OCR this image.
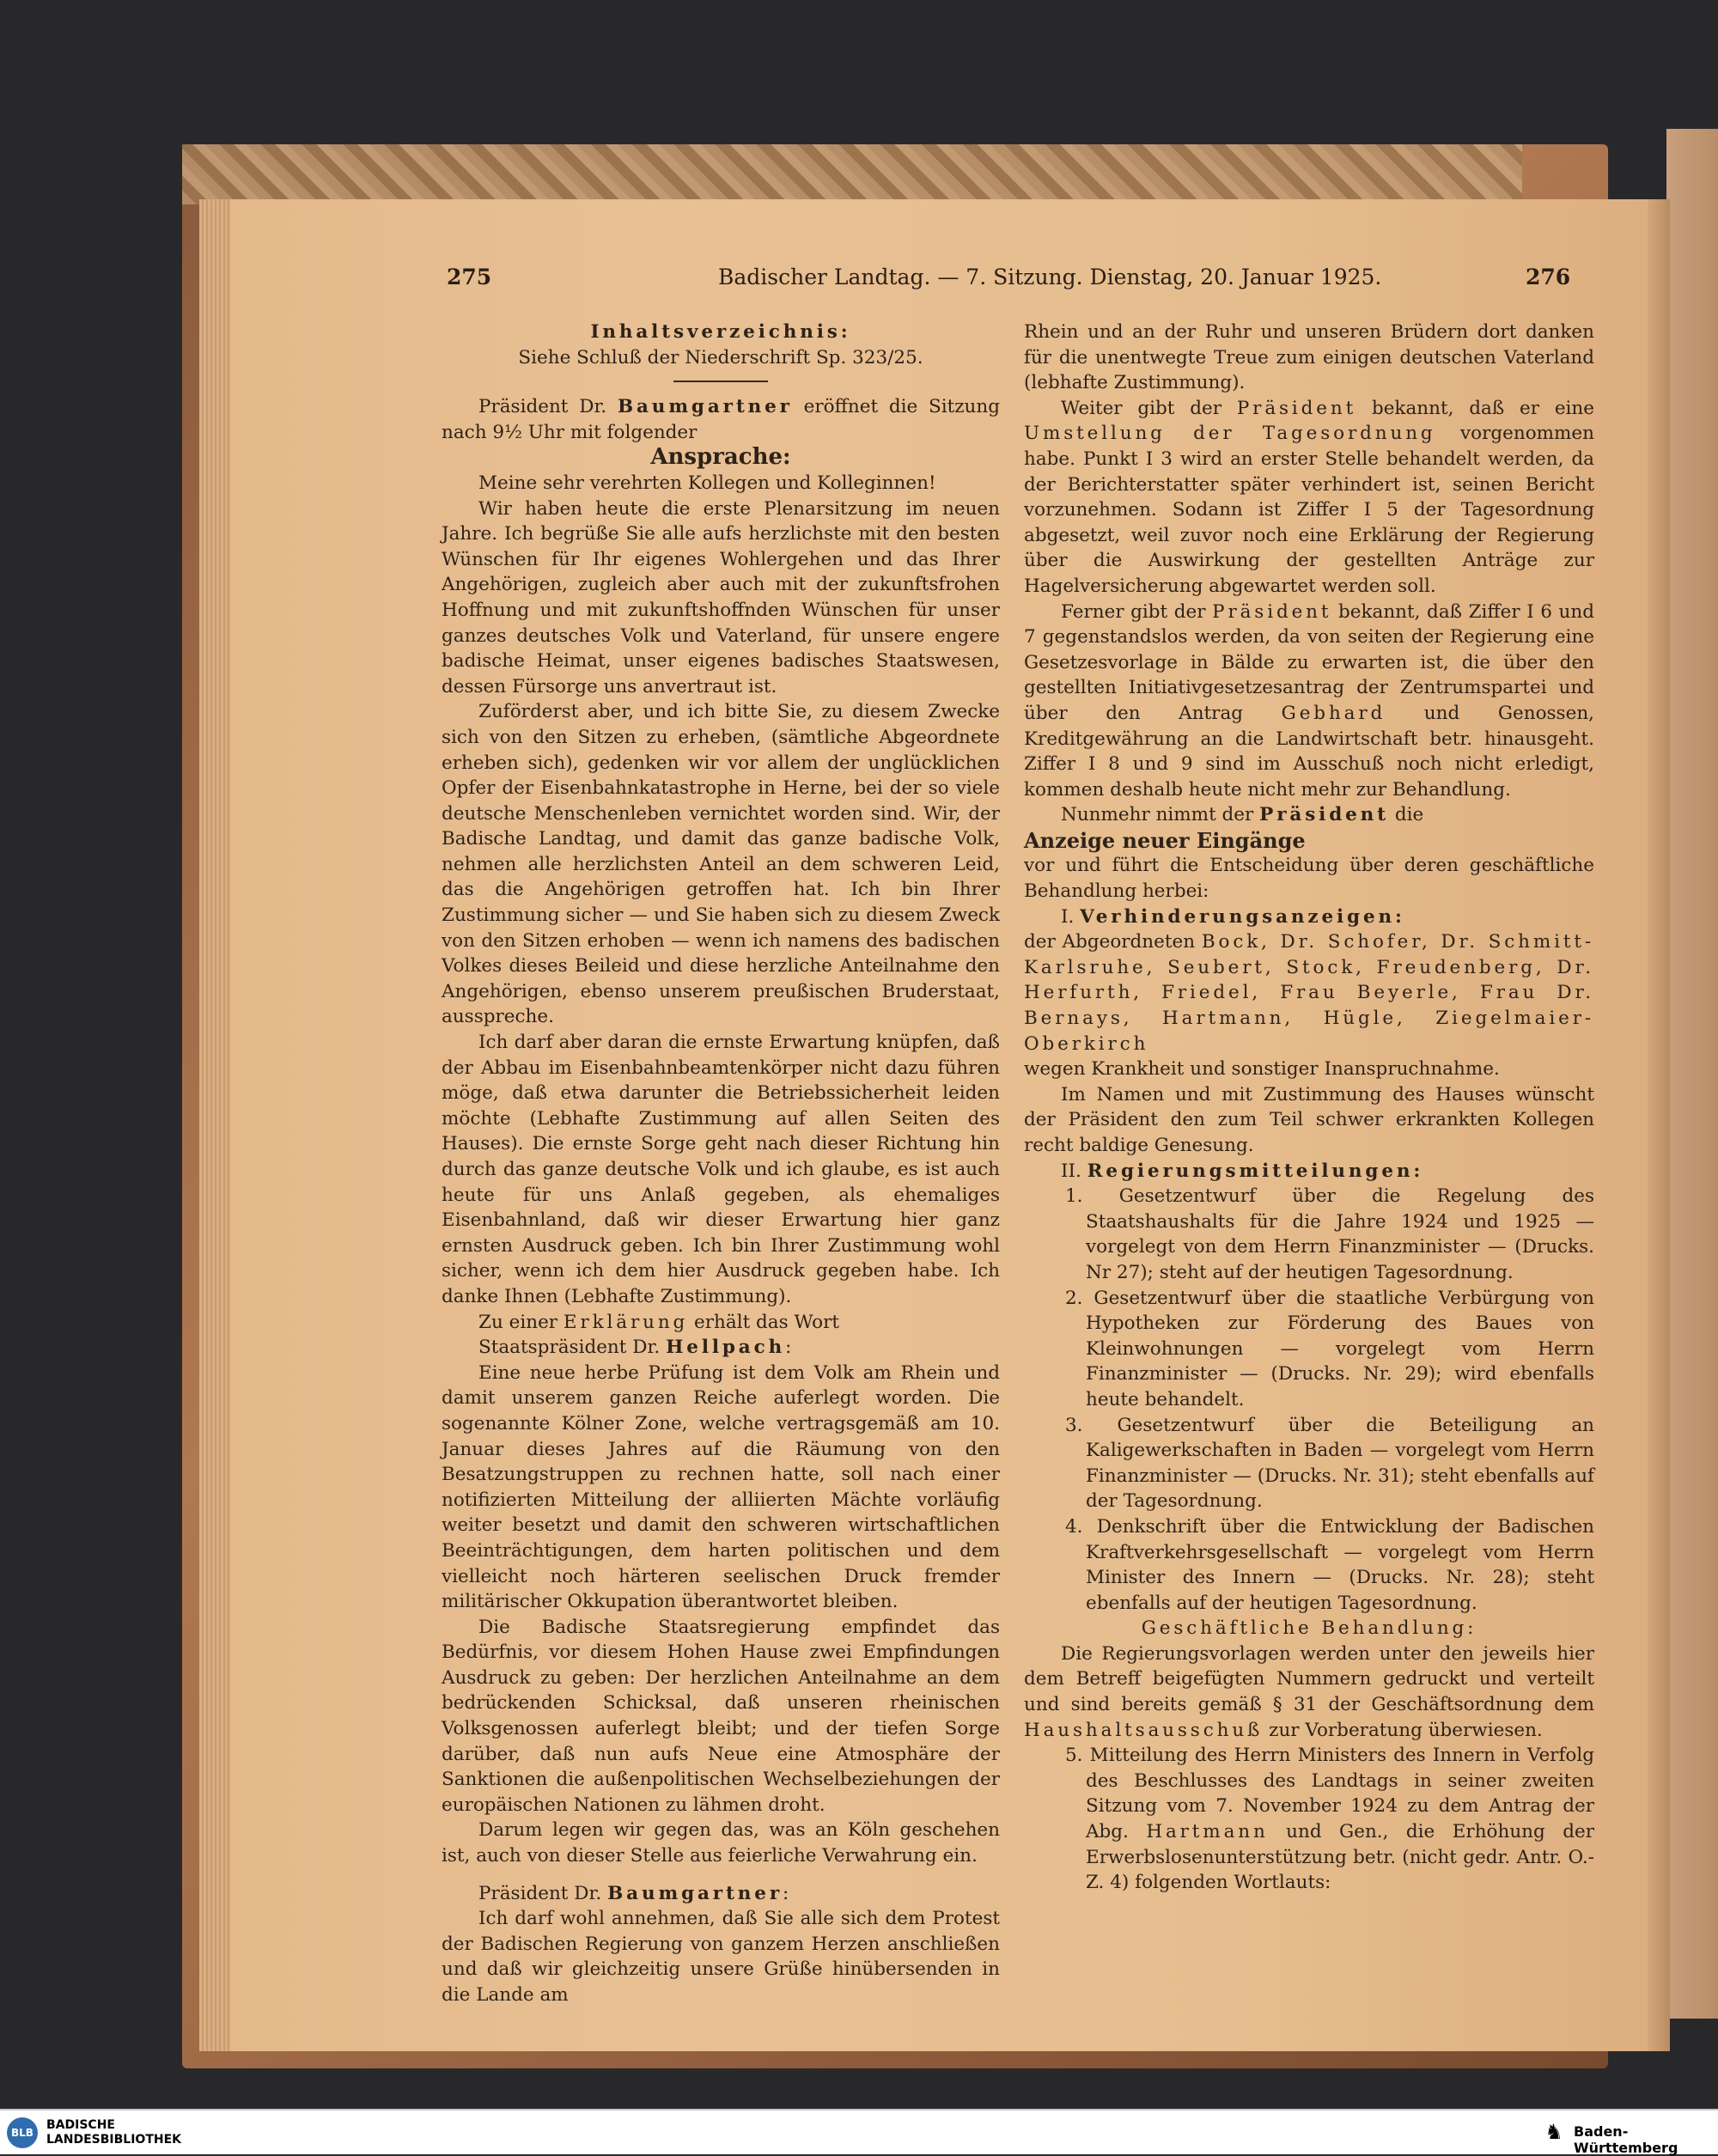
275	Badischer Landtag. — 7. Sitzung. Dienstag, 20. Januar 1925.	276

Inhaltsverzeichnis:

Siehe Schluß der Niederschrift Sp. 323/25.

Präsident Dr. Baumgartner eröffnet die Sitzung nach 9½ Uhr mit folgender

Ansprache:

Meine sehr verehrten Kollegen und Kolleginnen!

Wir haben heute die erste Plenarsitzung im neuen Jahre. Ich begrüße Sie alle aufs herzlichste mit den besten Wünschen für Ihr eigenes Wohlergehen und das Ihrer Angehörigen, zugleich aber auch mit der zukunftsfrohen Hoffnung und mit zukunftshoffnden Wünschen für unser ganzes deutsches Volk und Vaterland, für unsere engere badische Heimat, unser eigenes badisches Staatswesen, dessen Fürsorge uns anvertraut ist.

Zuförderst aber, und ich bitte Sie, zu diesem Zwecke sich von den Sitzen zu erheben, (sämtliche Abgeordnete erheben sich), gedenken wir vor allem der unglücklichen Opfer der Eisenbahnkatastrophe in Herne, bei der so viele deutsche Menschenleben vernichtet worden sind. Wir, der Badische Landtag, und damit das ganze badische Volk, nehmen alle herzlichsten Anteil an dem schweren Leid, das die Angehörigen getroffen hat. Ich bin Ihrer Zustimmung sicher — und Sie haben sich zu diesem Zweck von den Sitzen erhoben — wenn ich namens des badischen Volkes dieses Beileid und diese herzliche Anteilnahme den Angehörigen, ebenso unserem preußischen Bruderstaat, ausspreche.

Ich darf aber daran die ernste Erwartung knüpfen, daß der Abbau im Eisenbahnbeamtenkörper nicht dazu führen möge, daß etwa darunter die Betriebssicherheit leiden möchte (Lebhafte Zustimmung auf allen Seiten des Hauses). Die ernste Sorge geht nach dieser Richtung hin durch das ganze deutsche Volk und ich glaube, es ist auch heute für uns Anlaß gegeben, als ehemaliges Eisenbahnland, daß wir dieser Erwartung hier ganz ernsten Ausdruck geben. Ich bin Ihrer Zustimmung wohl sicher, wenn ich dem hier Ausdruck gegeben habe. Ich danke Ihnen (Lebhafte Zustimmung).

Zu einer Erklärung erhält das Wort

Staatspräsident Dr. Hellpach:

Eine neue herbe Prüfung ist dem Volk am Rhein und damit unserem ganzen Reiche auferlegt worden. Die sogenannte Kölner Zone, welche vertragsgemäß am 10. Januar dieses Jahres auf die Räumung von den Besatzungstruppen zu rechnen hatte, soll nach einer notifizierten Mitteilung der alliierten Mächte vorläufig weiter besetzt und damit den schweren wirtschaftlichen Beeinträchtigungen, dem harten politischen und dem vielleicht noch härteren seelischen Druck fremder militärischer Okkupation überantwortet bleiben.

Die Badische Staatsregierung empfindet das Bedürfnis, vor diesem Hohen Hause zwei Empfindungen Ausdruck zu geben: Der herzlichen Anteilnahme an dem bedrückenden Schicksal, daß unseren rheinischen Volksgenossen auferlegt bleibt; und der tiefen Sorge darüber, daß nun aufs Neue eine Atmosphäre der Sanktionen die außenpolitischen Wechselbeziehungen der europäischen Nationen zu lähmen droht.

Darum legen wir gegen das, was an Köln geschehen ist, auch von dieser Stelle aus feierliche Verwahrung ein.

Präsident Dr. Baumgartner:

Ich darf wohl annehmen, daß Sie alle sich dem Protest der Badischen Regierung von ganzem Herzen anschließen und daß wir gleichzeitig unsere Grüße hinübersenden in die Lande am

Rhein und an der Ruhr und unseren Brüdern dort danken für die unentwegte Treue zum einigen deutschen Vaterland (lebhafte Zustimmung).

Weiter gibt der Präsident bekannt, daß er eine Umstellung der Tagesordnung vorgenommen habe. Punkt I 3 wird an erster Stelle behandelt werden, da der Berichterstatter später verhindert ist, seinen Bericht vorzunehmen. Sodann ist Ziffer I 5 der Tagesordnung abgesetzt, weil zuvor noch eine Erklärung der Regierung über die Auswirkung der gestellten Anträge zur Hagelversicherung abgewartet werden soll.

Ferner gibt der Präsident bekannt, daß Ziffer I 6 und 7 gegenstandslos werden, da von seiten der Regierung eine Gesetzesvorlage in Bälde zu erwarten ist, die über den gestellten Initiativgesetzesantrag der Zentrumspartei und über den Antrag Gebhard und Genossen, Kreditgewährung an die Landwirtschaft betr. hinausgeht. Ziffer I 8 und 9 sind im Ausschuß noch nicht erledigt, kommen deshalb heute nicht mehr zur Behandlung.

Nunmehr nimmt der Präsident die

Anzeige neuer Eingänge

vor und führt die Entscheidung über deren geschäftliche Behandlung herbei:

I. Verhinderungsanzeigen:

der Abgeordneten Bock, Dr. Schofer, Dr. Schmitt-Karlsruhe, Seubert, Stock, Freudenberg, Dr. Herfurth, Friedel, Frau Beyerle, Frau Dr. Bernays, Hartmann, Hügle, Ziegelmaier-Oberkirch

wegen Krankheit und sonstiger Inanspruchnahme.

Im Namen und mit Zustimmung des Hauses wünscht der Präsident den zum Teil schwer erkrankten Kollegen recht baldige Genesung.

II. Regierungsmitteilungen:

1. Gesetzentwurf über die Regelung des Staatshaushalts für die Jahre 1924 und 1925 — vorgelegt von dem Herrn Finanzminister — (Drucks. Nr 27); steht auf der heutigen Tagesordnung.

2. Gesetzentwurf über die staatliche Verbürgung von Hypotheken zur Förderung des Baues von Kleinwohnungen — vorgelegt vom Herrn Finanzminister — (Drucks. Nr. 29); wird ebenfalls heute behandelt.

3. Gesetzentwurf über die Beteiligung an Kaligewerkschaften in Baden — vorgelegt vom Herrn Finanzminister — (Drucks. Nr. 31); steht ebenfalls auf der Tagesordnung.

4. Denkschrift über die Entwicklung der Badischen Kraftverkehrsgesellschaft — vorgelegt vom Herrn Minister des Innern — (Drucks. Nr. 28); steht ebenfalls auf der heutigen Tagesordnung.

Geschäftliche Behandlung:

Die Regierungsvorlagen werden unter den jeweils hier dem Betreff beigefügten Nummern gedruckt und verteilt und sind bereits gemäß § 31 der Geschäftsordnung dem Haushaltsausschuß zur Vorberatung überwiesen.

5. Mitteilung des Herrn Ministers des Innern in Verfolg des Beschlusses des Landtags in seiner zweiten Sitzung vom 7. November 1924 zu dem Antrag der Abg. Hartmann und Gen., die Erhöhung der Erwerbslosenunterstützung betr. (nicht gedr. Antr. O.-Z. 4) folgenden Wortlauts:

BLB
BADISCHE
LANDESBIBLIOTHEK	♞ Baden-Württemberg
